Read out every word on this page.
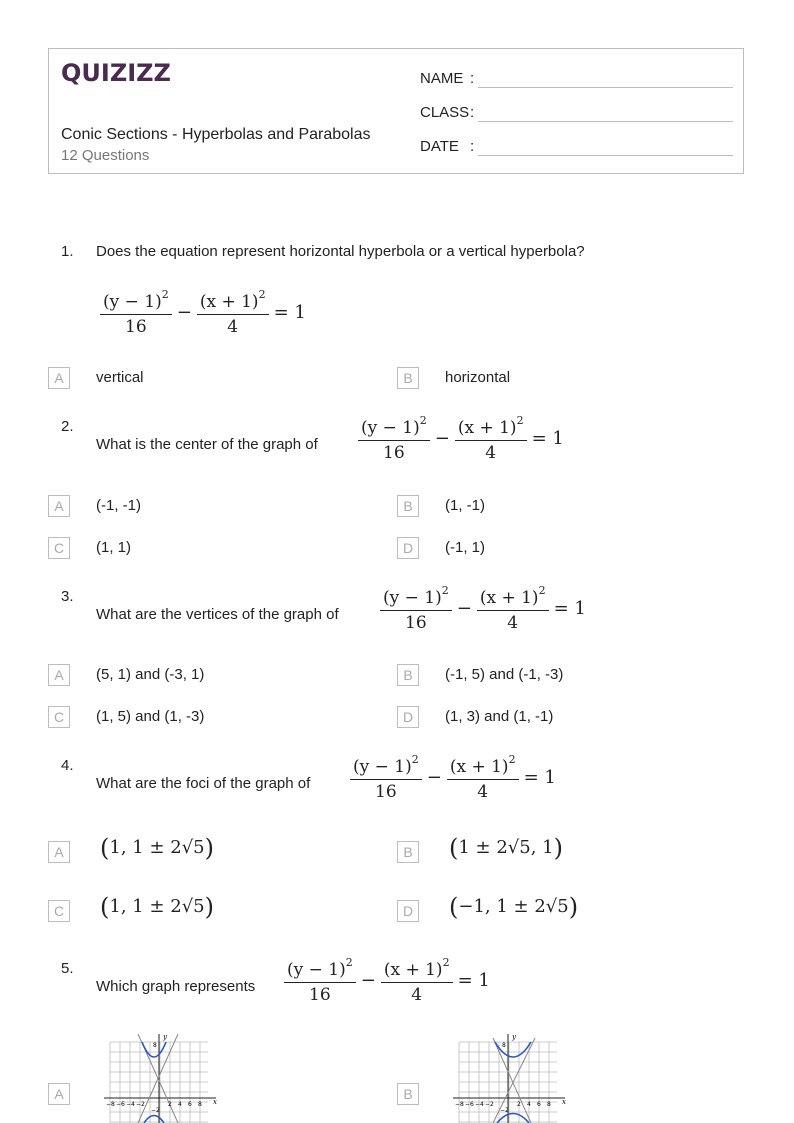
QUIZIZZ
Conic Sections - Hyperbolas and Parabolas
12 Questions
NAME :
CLASS :
DATE :
1. Does the equation represent horizontal hyperbola or a vertical hyperbola?
$\frac{(y - 1)^2}{16} - \frac{(x + 1)^2}{4} = 1$
A	vertical	B	horizontal
2.
What is the center of the graph of $\frac{(y - 1)^2}{16} - \frac{(x + 1)^2}{4} = 1$
A	(-1, -1)	B	(1, -1)
C	(1, 1)	D	(-1, 1)
3.
What are the vertices of the graph of $\frac{(y - 1)^2}{16} - \frac{(x + 1)^2}{4} = 1$
A	(5, 1) and (-3, 1)	B	(-1, 5) and (-1, -3)
C	(1, 5) and (1, -3)	D	(1, 3) and (1, -1)
4.
What are the foci of the graph of $\frac{(y - 1)^2}{16} - \frac{(x + 1)^2}{4} = 1$
A (1, 1 ± 2√5)	B (1 ± 2√5, 1)
C (1, 1 ± 2√5)	D (−1, 1 ± 2√5)
5.
Which graph represents $\frac{(y - 1)^2}{16} - \frac{(x + 1)^2}{4} = 1$
A
y
x
8
−2
−8 −6 −4 −2	2 4 6 8
B
y
x
8
−2
−8 −6 −4 −2	2 4 6 8
